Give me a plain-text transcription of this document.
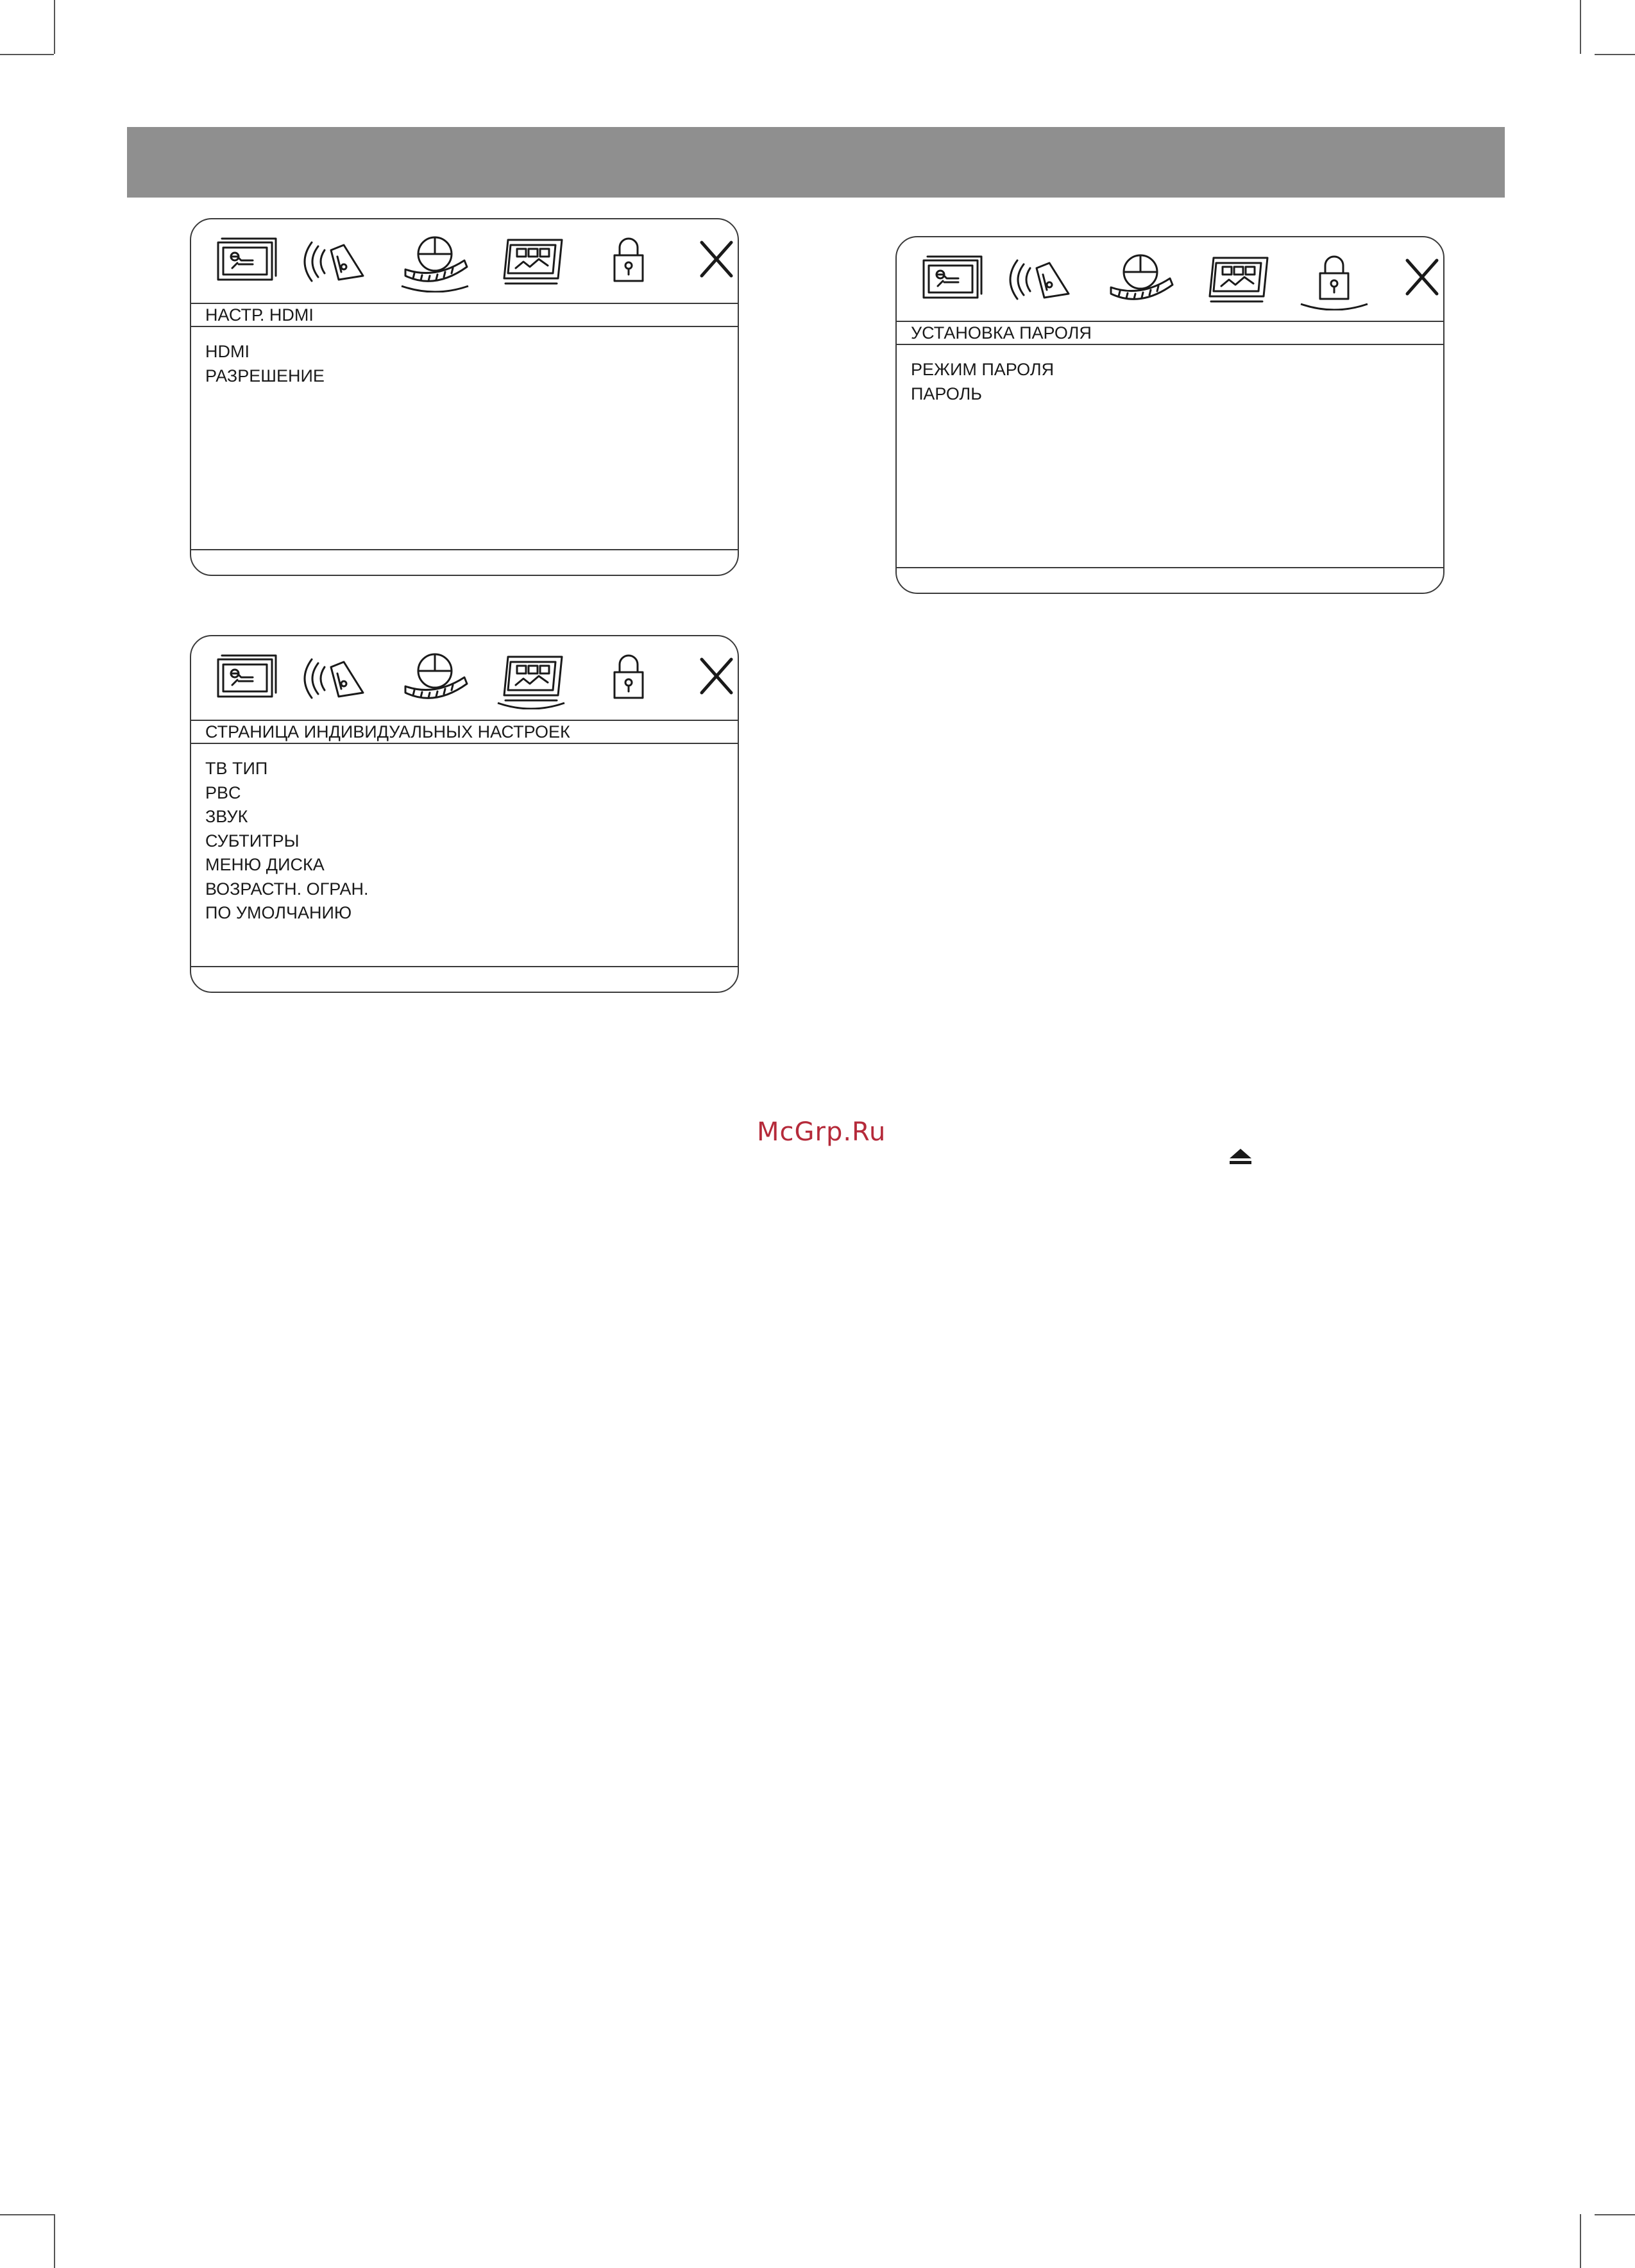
НАСТР. HDMI
HDMI
РАЗРЕШЕНИЕ
УСТАНОВКА ПАРОЛЯ
РЕЖИМ ПАРОЛЯ
ПАРОЛЬ
СТРАНИЦА ИНДИВИДУАЛЬНЫХ НАСТРОЕК
ТВ ТИП
PBC
ЗВУК
СУБТИТРЫ
МЕНЮ ДИСКА
ВОЗРАСТН. ОГРАН.
ПО УМОЛЧАНИЮ
McGrp.Ru
